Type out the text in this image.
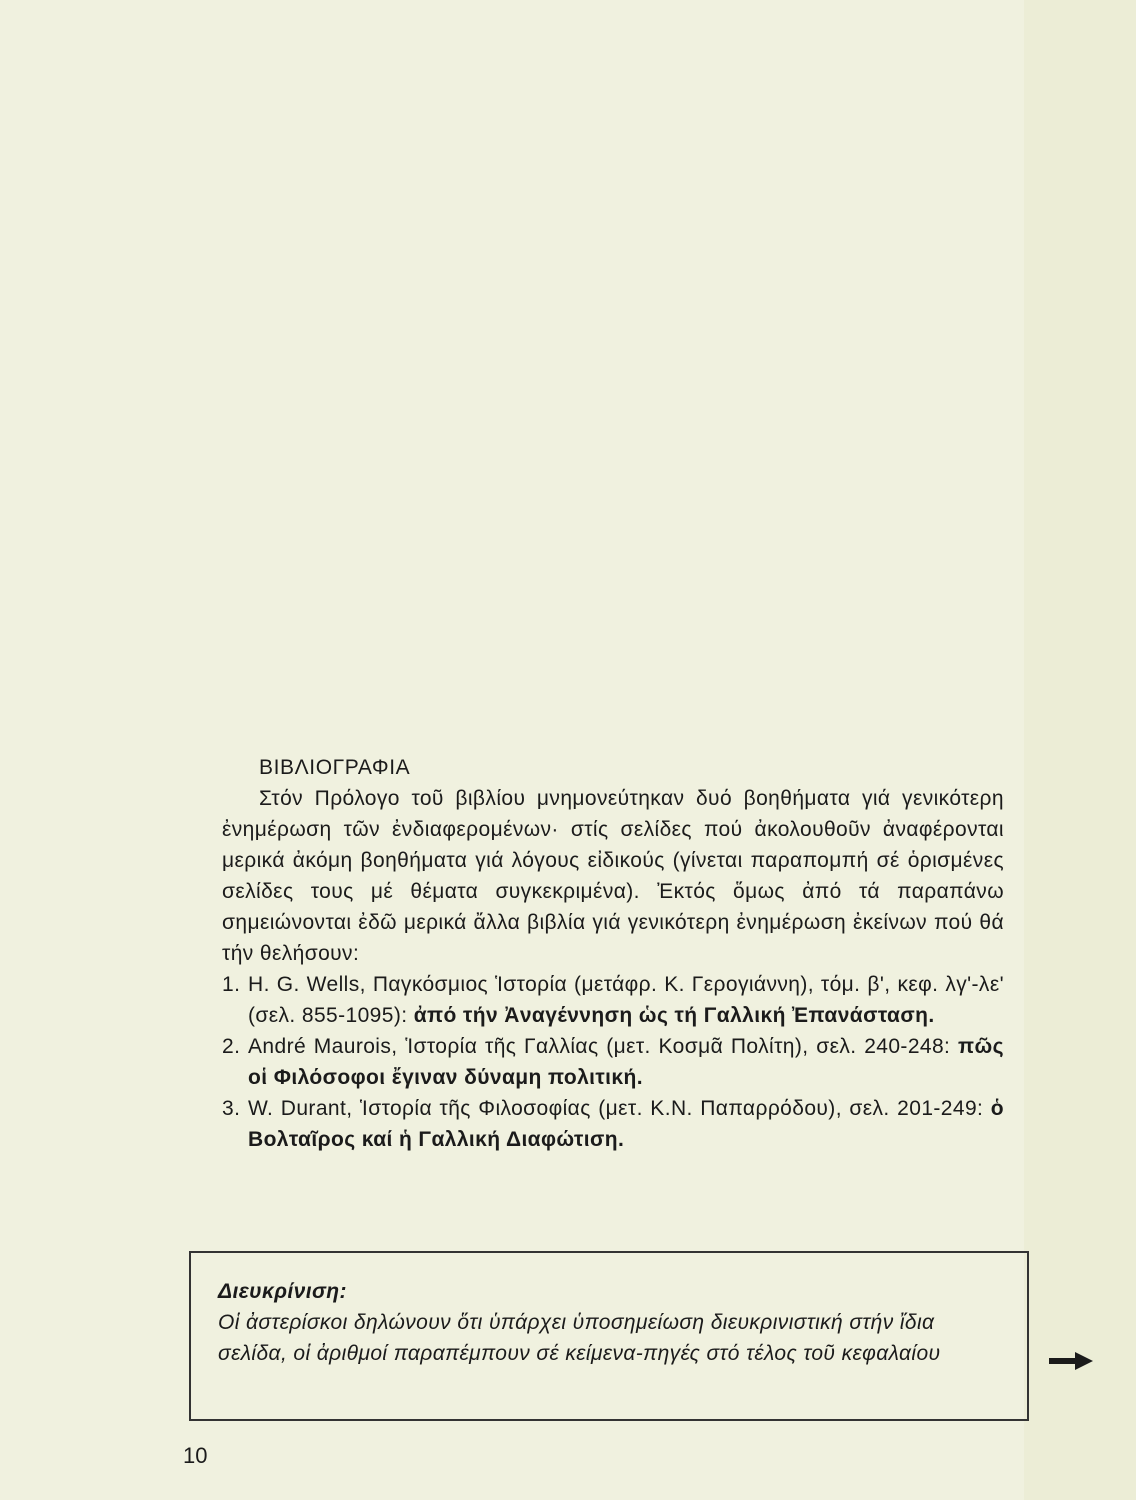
ΒΙΒΛΙΟΓΡΑΦΙΑ

Στόν Πρόλογο τοῦ βιβλίου μνημονεύτηκαν δυό βοηθήματα γιά γενικότερη ἐνημέρωση τῶν ἐνδιαφερομένων· στίς σελίδες πού ἀκολουθοῦν ἀναφέρονται μερικά ἀκόμη βοηθήματα γιά λόγους εἰδικούς (γίνεται παραπομπή σέ ὁρισμένες σελίδες τους μέ θέματα συγκεκριμένα). Ἐκτός ὅμως ἀπό τά παραπάνω σημειώνονται ἐδῶ μερικά ἄλλα βιβλία γιά γενικότερη ἐνημέρωση ἐκείνων πού θά τήν θελήσουν:

1. H. G. Wells, Παγκόσμιος Ἱστορία (μετάφρ. Κ. Γερογιάννη), τόμ. β', κεφ. λγ'-λε' (σελ. 855-1095): ἀπό τήν Ἀναγέννηση ὡς τή Γαλλική Ἐπανάσταση.
2. André Maurois, Ἱστορία τῆς Γαλλίας (μετ. Κοσμᾶ Πολίτη), σελ. 240-248: πῶς οἱ Φιλόσοφοι ἔγιναν δύναμη πολιτική.
3. W. Durant, Ἱστορία τῆς Φιλοσοφίας (μετ. Κ.Ν. Παπαρρόδου), σελ. 201-249: ὁ Βολταῖρος καί ἡ Γαλλική Διαφώτιση.
Διευκρίνιση:

Οἱ ἀστερίσκοι δηλώνουν ὅτι ὑπάρχει ὑποσημείωση διευκρινιστική στήν ἴδια σελίδα, οἱ ἀριθμοί παραπέμπουν σέ κείμενα-πηγές στό τέλος τοῦ κεφαλαίου

10
